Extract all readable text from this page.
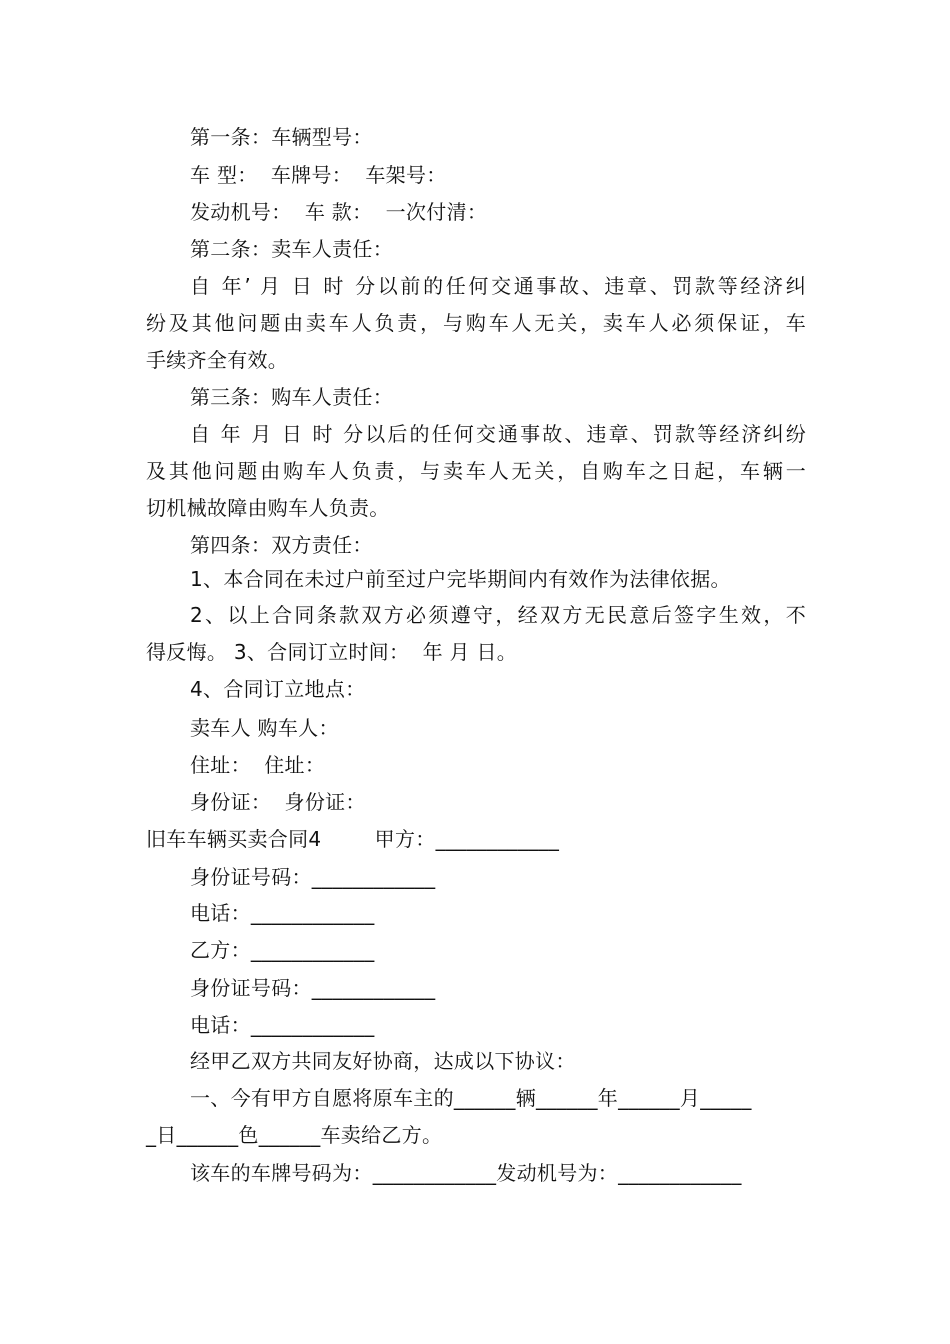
第一条：车辆型号：
车 型：  车牌号：  车架号：
发动机号：  车 款：  一次付清：
第二条：卖车人责任：
自 年’ 月 日 时 分以前的任何交通事故、违章、罚款等经济纠
纷及其他问题由卖车人负责，与购车人无关，卖车人必须保证，车
手续齐全有效。
第三条：购车人责任：
自 年 月 日 时 分以后的任何交通事故、违章、罚款等经济纠纷
及其他问题由购车人负责，与卖车人无关，自购车之日起，车辆一
切机械故障由购车人负责。
第四条：双方责任：
1、本合同在未过户前至过户完毕期间内有效作为法律依据。
2、以上合同条款双方必须遵守，经双方无民意后签字生效，不
得反悔。 3、合同订立时间：  年 月 日。
4、合同订立地点：
卖车人 购车人：
住址：  住址：
身份证：  身份证：
旧车车辆买卖合同4        甲方：____________
身份证号码：____________
电话：____________
乙方：____________
身份证号码：____________
电话：____________
经甲乙双方共同友好协商，达成以下协议：
一、今有甲方自愿将原车主的______辆______年______月_____
_日______色______车卖给乙方。
该车的车牌号码为：____________发动机号为：____________
